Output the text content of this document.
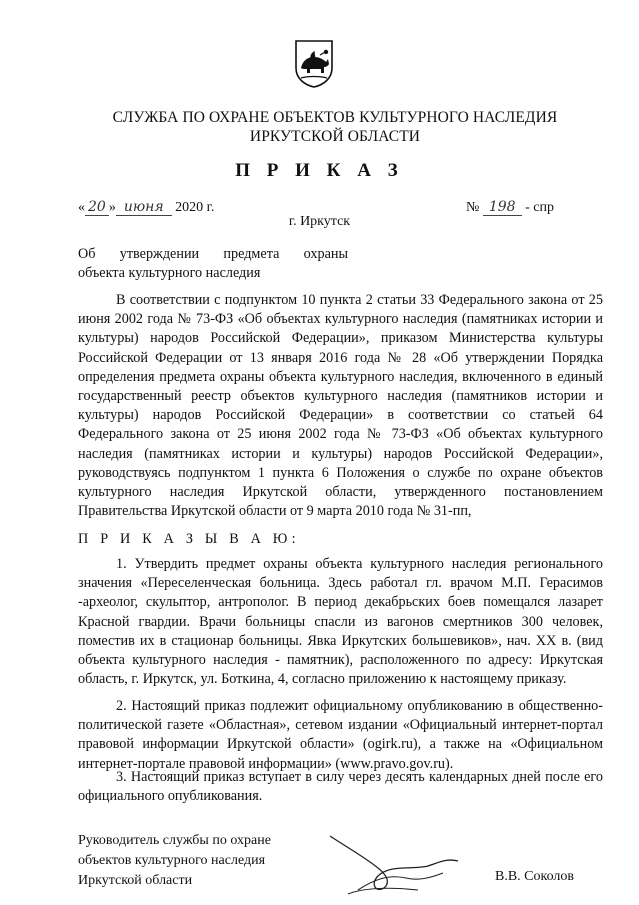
СЛУЖБА ПО ОХРАНЕ ОБЪЕКТОВ КУЛЬТУРНОГО НАСЛЕДИЯ ИРКУТСКОЙ ОБЛАСТИ
П Р И К А З
« 20 » июня 2020 г.	№ 198 - спр
г. Иркутск
Об утверждении предмета охраны
объекта культурного наследия

В соответствии с подпунктом 10 пункта 2 статьи 33 Федерального закона от 25 июня 2002 года № 73-ФЗ «Об объектах культурного наследия (памятниках истории и культуры) народов Российской Федерации», приказом Министерства культуры Российской Федерации от 13 января 2016 года № 28 «Об утверждении Порядка определения предмета охраны объекта культурного наследия, включенного в единый государственный реестр объектов культурного наследия (памятников истории и культуры) народов Российской Федерации» в соответствии со статьей 64 Федерального закона от 25 июня 2002 года № 73-ФЗ «Об объектах культурного наследия (памятниках истории и культуры) народов Российской Федерации», руководствуясь подпунктом 1 пункта 6 Положения о службе по охране объектов культурного наследия Иркутской области, утвержденного постановлением Правительства Иркутской области от 9 марта 2010 года № 31-пп,

П Р И К А З Ы В А Ю:

1. Утвердить предмет охраны объекта культурного наследия регионального значения «Переселенческая больница. Здесь работал гл. врачом М.П. Герасимов -археолог, скульптор, антрополог. В период декабрьских боев помещался лазарет Красной гвардии. Врачи больницы спасли из вагонов смертников 300 человек, поместив их в стационар больницы. Явка Иркутских большевиков», нач. XX в. (вид объекта культурного наследия - памятник), расположенного по адресу: Иркутская область, г. Иркутск, ул. Боткина, 4, согласно приложению к настоящему приказу.

2. Настоящий приказ подлежит официальному опубликованию в общественно-политической газете «Областная», сетевом издании «Официальный интернет-портал правовой информации Иркутской области» (ogirk.ru), а также на «Официальном интернет-портале правовой информации» (www.pravo.gov.ru).

3. Настоящий приказ вступает в силу через десять календарных дней после его официального опубликования.

Руководитель службы по охране
объектов культурного наследия
Иркутской области	В.В. Соколов
